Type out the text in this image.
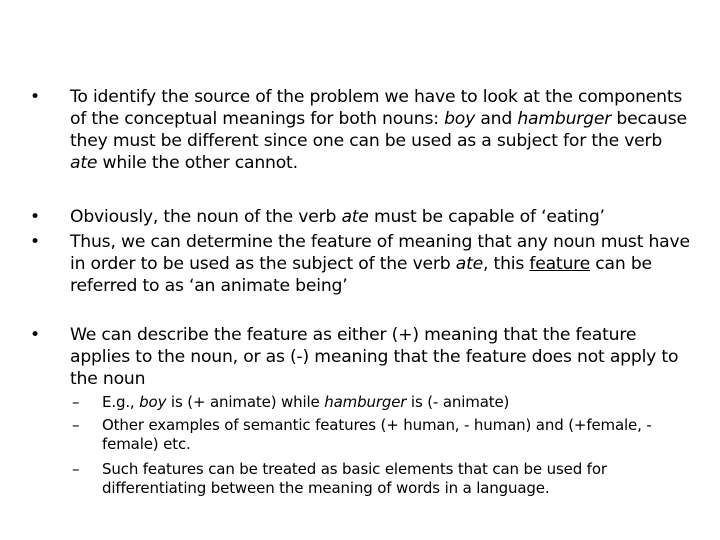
• To identify the source of the problem we have to look at the components of the conceptual meanings for both nouns: boy and hamburger because they must be different since one can be used as a subject for the verb ate while the other cannot.
• Obviously, the noun of the verb ate must be capable of ‘eating’
• Thus, we can determine the feature of meaning that any noun must have in order to be used as the subject of the verb ate, this feature can be referred to as ‘an animate being’
• We can describe the feature as either (+) meaning that the feature applies to the noun, or as (-) meaning that the feature does not apply to the noun
– E.g., boy is (+ animate) while hamburger is (- animate)
– Other examples of semantic features (+ human, - human) and (+female, -female) etc.
– Such features can be treated as basic elements that can be used for differentiating between the meaning of words in a language.
